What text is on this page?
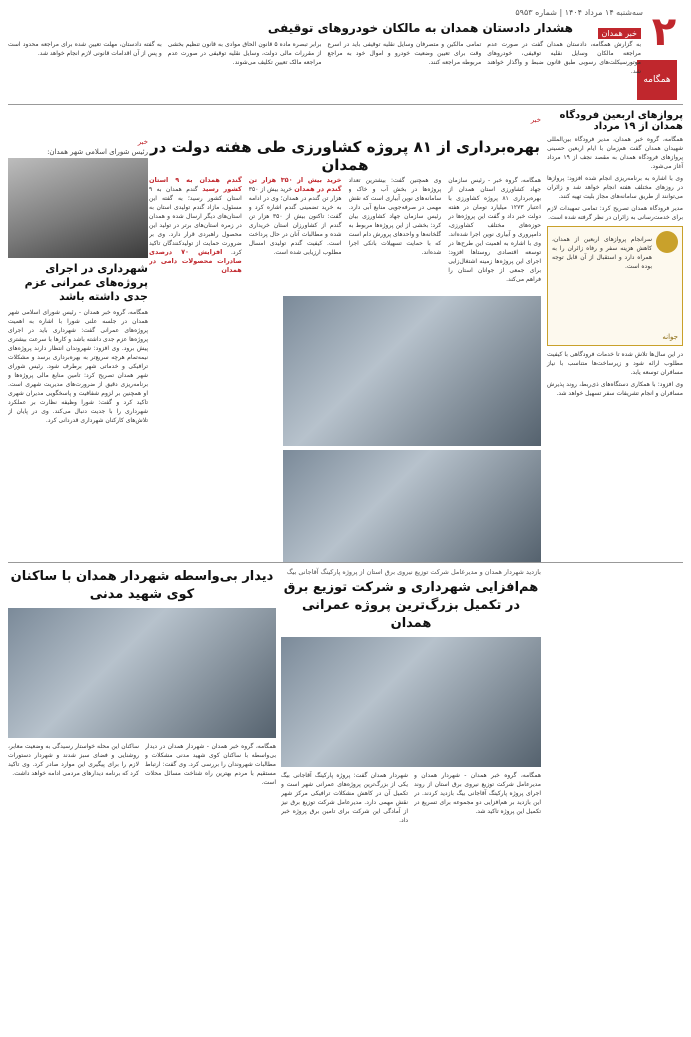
۲
همگامه
سه‌شنبه ۱۴ مرداد ۱۴۰۴ | شماره ۵۹۵۳
خبر همدان
هشدار دادستان همدان به مالکان خودروهای توقیفی

به گزارش همگامه، دادستان همدان گفت در صورت عدم مراجعه مالکان وسایل نقلیه توقیفی، خودروهای موتورسیکلت‌های رسوبی طبق قانون ضبط و واگذار خواهند شد.

تمامی مالکین و متصرفان وسایل نقلیه توقیفی باید در اسرع وقت برای تعیین وضعیت خودرو و اموال خود به مراجع مربوطه مراجعه کنند.

برابر تبصره ماده ۵ قانون الحاق موادی به قانون تنظیم بخشی از مقررات مالی دولت، وسایل نقلیه توقیفی در صورت عدم مراجعه مالک تعیین تکلیف می‌شوند.

به گفته دادستان، مهلت تعیین شده برای مراجعه محدود است و پس از آن اقدامات قانونی لازم انجام خواهد شد.

پروازهای اربعین فرودگاه همدان از ۱۹ مرداد

همگامه، گروه خبر همدان، مدیر فرودگاه بین‌المللی شهیدان همدان گفت هم‌زمان با ایام اربعین حسینی پروازهای فرودگاه همدان به مقصد نجف از ۱۹ مرداد آغاز می‌شود.

وی با اشاره به برنامه‌ریزی انجام شده افزود: پروازها در روزهای مختلف هفته انجام خواهد شد و زائران می‌توانند از طریق سامانه‌های مجاز بلیت تهیه کنند.

مدیر فرودگاه همدان تصریح کرد: تمامی تمهیدات لازم برای خدمت‌رسانی به زائران در نظر گرفته شده است.

سرانجام پروازهای اربعین از همدان، کاهش هزینه سفر و رفاه زائران را به همراه دارد و استقبال از آن قابل توجه بوده است.

جوانه

در این سال‌ها تلاش شده تا خدمات فرودگاهی با کیفیت مطلوب ارائه شود و زیرساخت‌ها متناسب با نیاز مسافران توسعه یابد.

وی افزود: با همکاری دستگاه‌های ذی‌ربط، روند پذیرش مسافران و انجام تشریفات سفر تسهیل خواهد شد.

خبر
بهره‌برداری از ۸۱ پروژه کشاورزی طی هفته دولت در همدان
همگامه، گروه خبر - رئیس سازمان جهاد کشاورزی استان همدان از بهره‌برداری ۸۱ پروژه کشاورزی با اعتبار ۱۲۷۳ میلیارد تومان در هفته دولت خبر داد و گفت این پروژه‌ها در حوزه‌های مختلف کشاورزی، دامپروری و آبیاری نوین اجرا شده‌اند. وی با اشاره به اهمیت این طرح‌ها در توسعه اقتصادی روستاها افزود: اجرای این پروژه‌ها زمینه اشتغال‌زایی برای جمعی از جوانان استان را فراهم می‌کند.
وی همچنین گفت: بیشترین تعداد پروژه‌ها در بخش آب و خاک و سامانه‌های نوین آبیاری است که نقش مهمی در صرفه‌جویی منابع آبی دارد. رئیس سازمان جهاد کشاورزی بیان کرد: بخشی از این پروژه‌ها مربوط به گلخانه‌ها و واحدهای پرورش دام است که با حمایت تسهیلات بانکی اجرا شده‌اند.
خرید بیش از ۳۵۰ هزار تن گندم در همدان خرید بیش از ۳۵۰ هزار تن گندم در همدان؛ وی در ادامه به خرید تضمینی گندم اشاره کرد و گفت: تاکنون بیش از ۳۵۰ هزار تن گندم از کشاورزان استان خریداری شده و مطالبات آنان در حال پرداخت است. کیفیت گندم تولیدی امسال مطلوب ارزیابی شده است.
گندم همدان به ۹ استان کشور رسید گندم همدان به ۹ استان کشور رسید؛ به گفته این مسئول، مازاد گندم تولیدی استان به استان‌های دیگر ارسال شده و همدان در زمره استان‌های برتر در تولید این محصول راهبردی قرار دارد. وی بر ضرورت حمایت از تولیدکنندگان تاکید کرد. افزایش ۷۰ درصدی صادرات محصولات دامی در همدان

خبر

رئیس شورای اسلامی شهر همدان:

شهرداری در اجرای پروژه‌های عمرانی عزم جدی داشته باشد

همگامه، گروه خبر همدان - رئیس شورای اسلامی شهر همدان در جلسه علنی شورا با اشاره به اهمیت پروژه‌های عمرانی گفت: شهرداری باید در اجرای پروژه‌ها عزم جدی داشته باشد و کارها با سرعت بیشتری پیش برود. وی افزود: شهروندان انتظار دارند پروژه‌های نیمه‌تمام هرچه سریع‌تر به بهره‌برداری برسد و مشکلات ترافیکی و خدماتی شهر برطرف شود. رئیس شورای شهر همدان تصریح کرد: تامین منابع مالی پروژه‌ها و برنامه‌ریزی دقیق از ضرورت‌های مدیریت شهری است. او همچنین بر لزوم شفافیت و پاسخگویی مدیران شهری تاکید کرد و گفت: شورا وظیفه نظارت بر عملکرد شهرداری را با جدیت دنبال می‌کند. وی در پایان از تلاش‌های کارکنان شهرداری قدردانی کرد.

بازدید شهردار همدان و مدیرعامل شرکت توزیع نیروی برق استان از پروژه پارکینگ آقاجانی بیگ

هم‌افزایی شهرداری و شرکت توزیع برق در تکمیل بزرگ‌ترین پروژه عمرانی همدان

همگامه، گروه خبر همدان - شهردار همدان و مدیرعامل شرکت توزیع نیروی برق استان از روند اجرای پروژه پارکینگ آقاجانی بیگ بازدید کردند. در این بازدید بر هم‌افزایی دو مجموعه برای تسریع در تکمیل این پروژه تاکید شد.

شهردار همدان گفت: پروژه پارکینگ آقاجانی بیگ یکی از بزرگ‌ترین پروژه‌های عمرانی شهر است و تکمیل آن در کاهش مشکلات ترافیکی مرکز شهر نقش مهمی دارد. مدیرعامل شرکت توزیع برق نیز از آمادگی این شرکت برای تامین برق پروژه خبر داد.

دیدار بی‌واسطه شهردار همدان با ساکنان کوی شهید مدنی

همگامه، گروه خبر همدان - شهردار همدان در دیدار بی‌واسطه با ساکنان کوی شهید مدنی مشکلات و مطالبات شهروندان را بررسی کرد. وی گفت: ارتباط مستقیم با مردم بهترین راه شناخت مسائل محلات است.

ساکنان این محله خواستار رسیدگی به وضعیت معابر، روشنایی و فضای سبز شدند و شهردار دستورات لازم را برای پیگیری این موارد صادر کرد. وی تاکید کرد که برنامه دیدارهای مردمی ادامه خواهد داشت.
